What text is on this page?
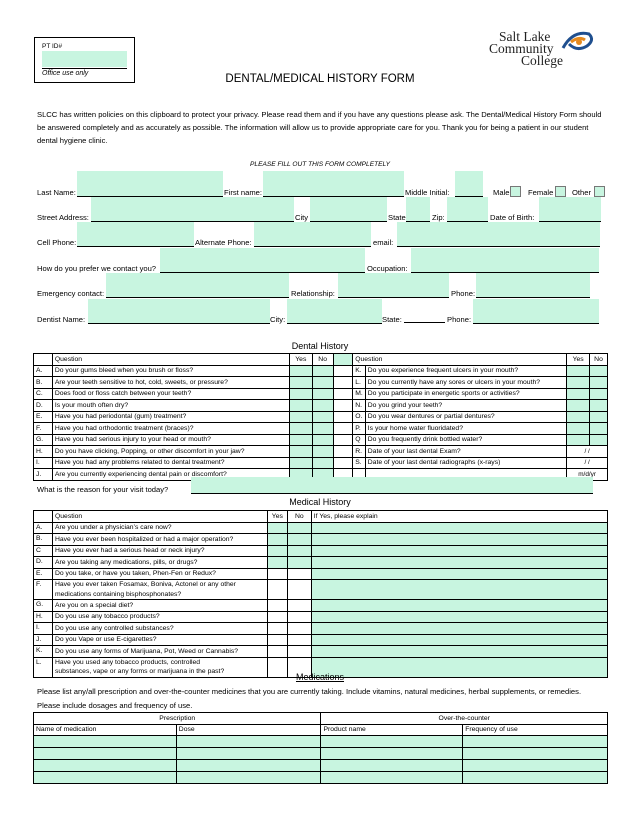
PT ID#
Office use only
Salt Lake
Community
College
DENTAL/MEDICAL HISTORY FORM
SLCC has written policies on this clipboard to protect your privacy. Please read them and if you have any questions please ask. The Dental/Medical History Form should be answered completely and as accurately as possible. The information will allow us to provide appropriate care for you. Thank you for being a patient in our student dental hygiene clinic.
PLEASE FILL OUT THIS FORM COMPLETELY
Last Name:	First name:	Middle Initial:	Male Female Other
Street Address:	City	State	Zip:	Date of Birth:
Cell Phone:	Alternate Phone:	email:
How do you prefer we contact you?	Occupation:
Emergency contact:	Relationship:	Phone:
Dentist Name:	City:	State:	Phone:
Dental History
	Question	Yes	No		Question		Yes	No
A.	Do your gums bleed when you brush or floss?				K.	Do you experience frequent ulcers in your mouth?		
B.	Are your teeth sensitive to hot, cold, sweets, or pressure?				L.	Do you currently have any sores or ulcers in your mouth?		
C.	Does food or floss catch between your teeth?				M.	Do you participate in energetic sports or activities?		
D.	Is your mouth often dry?				N.	Do you grind your teeth?		
E.	Have you had periodontal (gum) treatment?				O.	Do you wear dentures or partial dentures?		
F.	Have you had orthodontic treatment (braces)?				P.	Is your home water fluoridated?		
G.	Have you had serious injury to your head or mouth?				Q	Do you frequently drink bottled water?		
H.	Do you have clicking, Popping, or other discomfort in your jaw?				R.	Date of your last dental Exam?	/ /	
I.	Have you had any problems related to dental treatment?				S.	Date of your last dental radiographs (x-rays)	/ /	
J.	Are you currently experiencing dental pain or discomfort?						m/d/yr	
What is the reason for your visit today?
Medical History
	Question	Yes	No	If Yes, please explain
A.	Are you under a physician’s care now?			

B.	Have you ever been hospitalized or had a major operation?			

C	Have you ever had a serious head or neck injury?			

D.	Are you taking any medications, pills, or drugs?			

E.	Do you take, or have you taken, Phen-Fen or Redux?			

F.	Have you ever taken Fosamax, Boniva, Actonel or any other
medications containing bisphosphonates?			

G.	Are you on a special diet?			

H.	Do you use any tobacco products?			

I.	Do you use any controlled substances?			

J.	Do you Vape or use E-cigarettes?			

K.	Do you use any forms of Marijuana, Pot, Weed or Cannabis?			

L.	Have you used any tobacco products, controlled
substances, vape or any forms or marijuana in the past?			

Medications
Please list any/all prescription and over-the-counter medicines that you are currently taking. Include vitamins, natural medicines, herbal supplements, or remedies. Please include dosages and frequency of use.
Prescription		Over-the-counter	
Name of medication	Dose	Product name	Frequency of use
